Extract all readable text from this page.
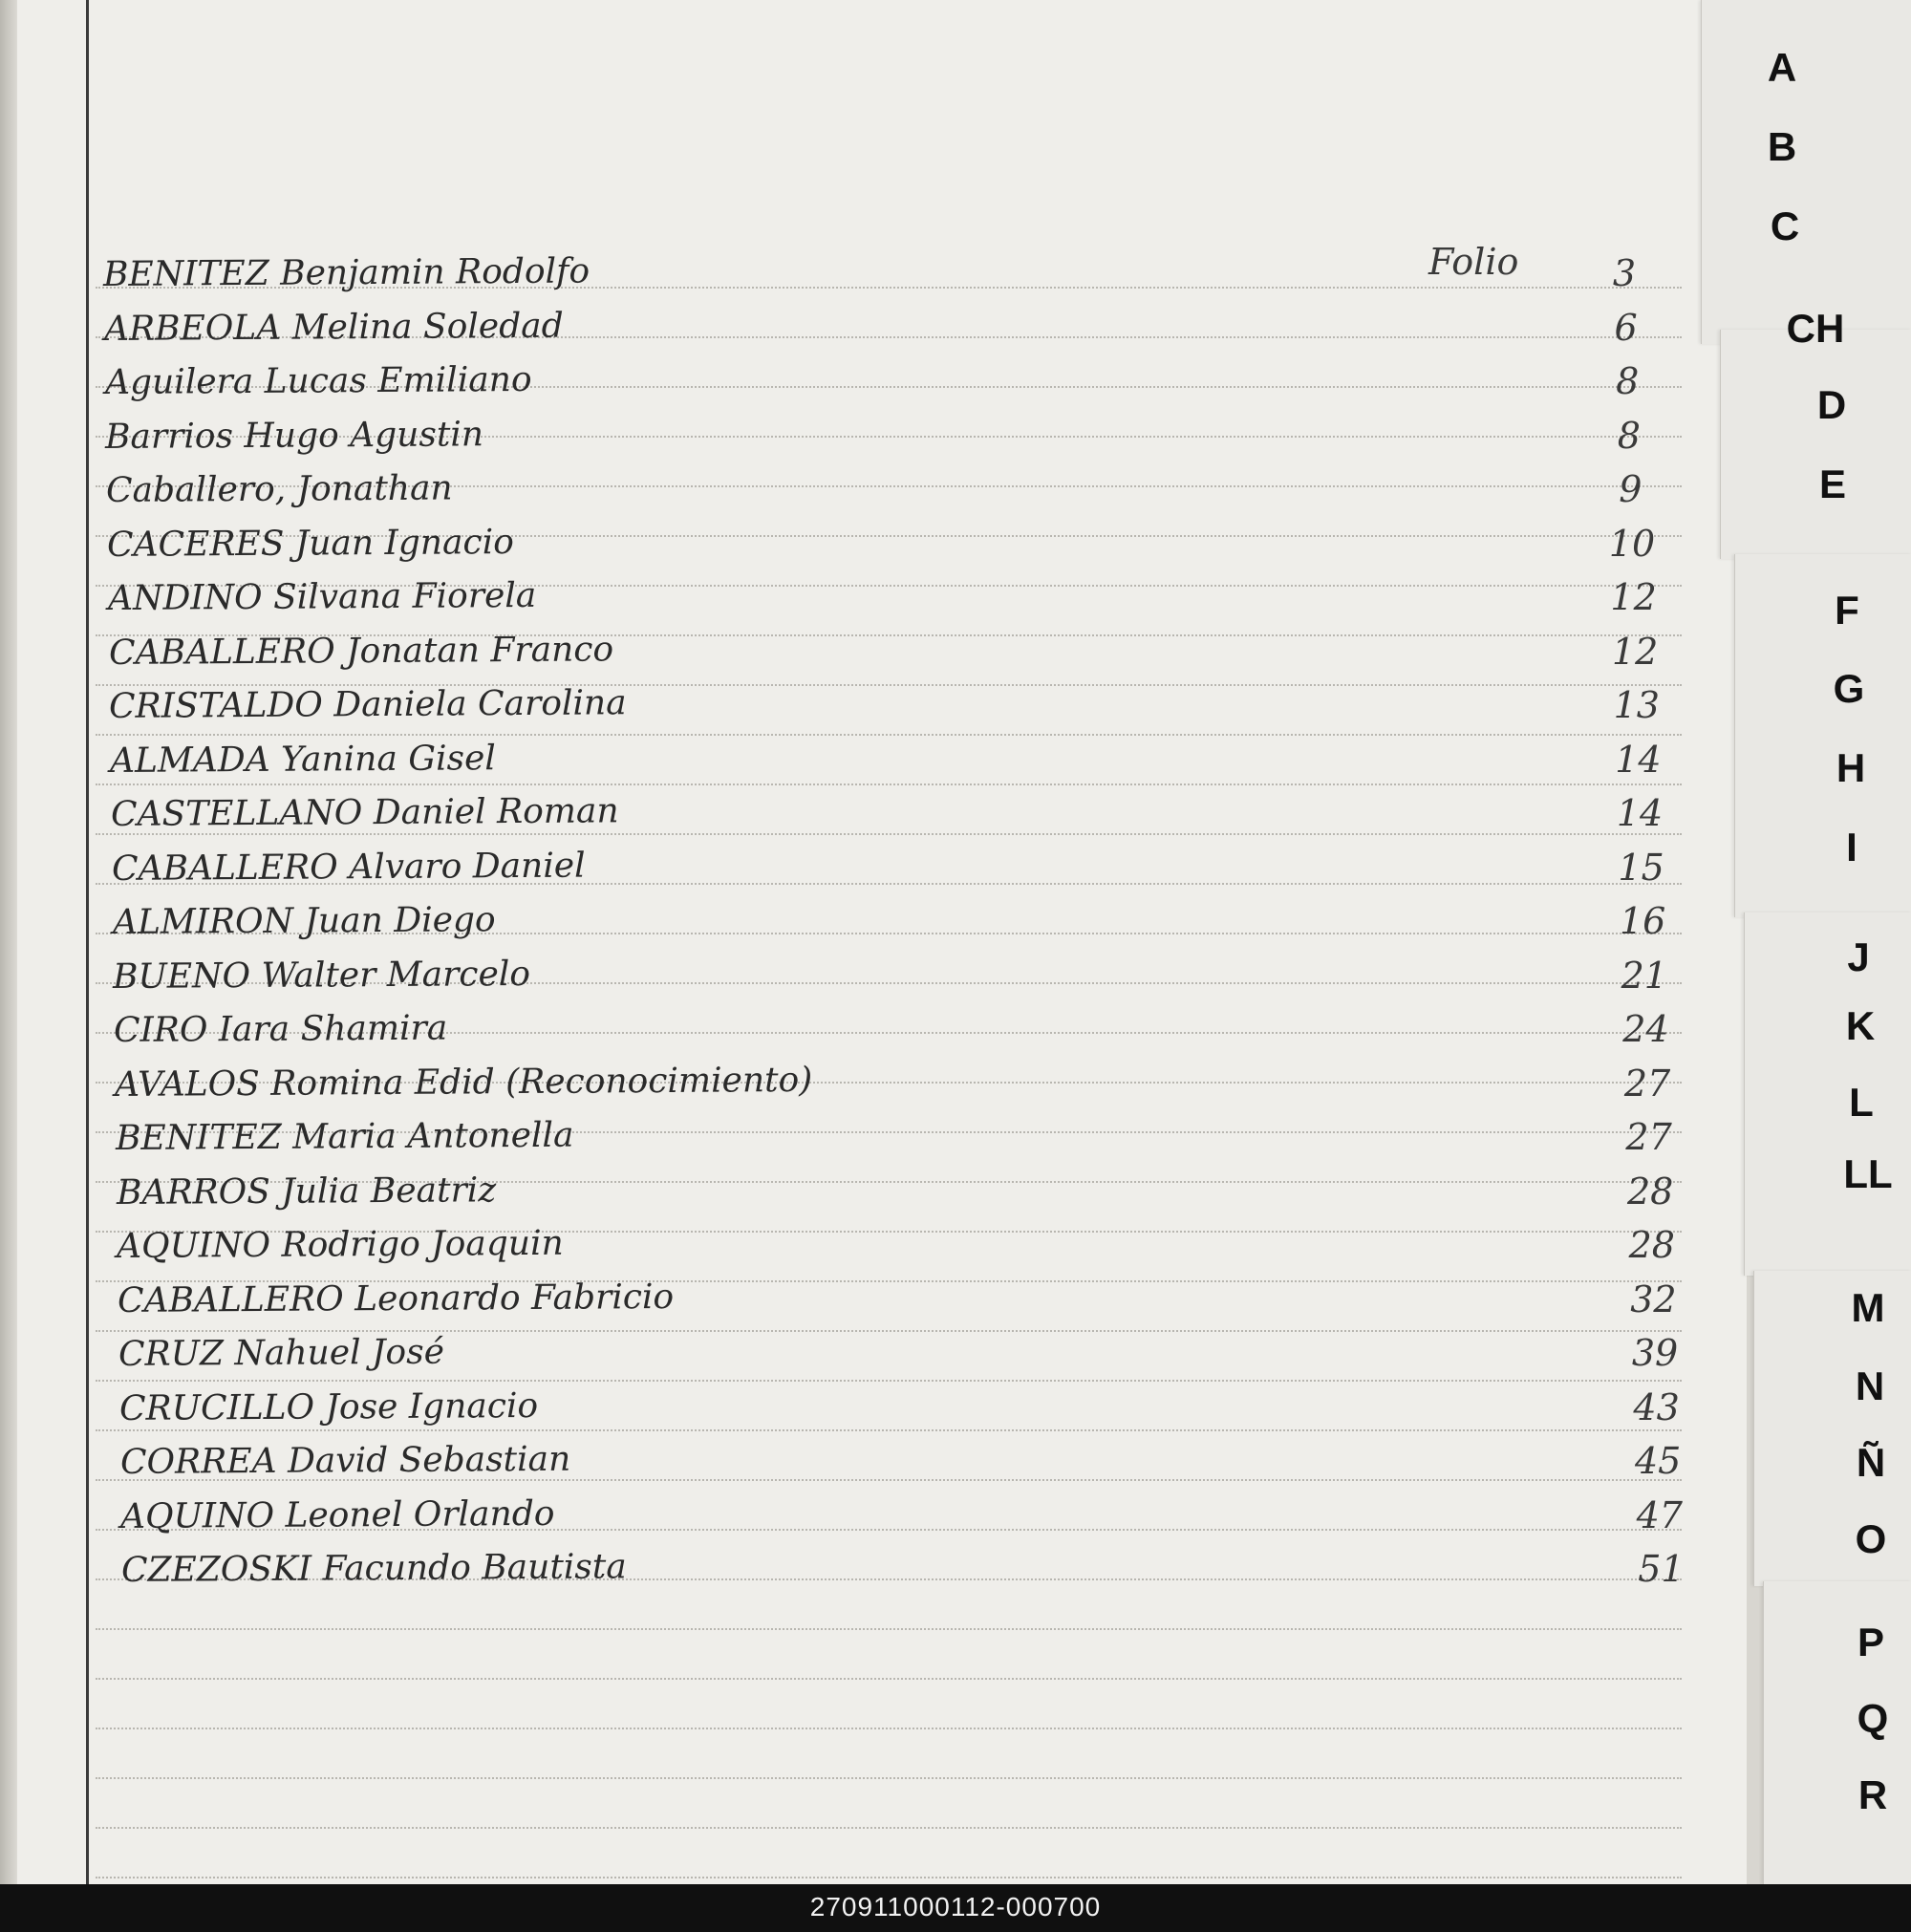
Folio
BENITEZ Benjamin Rodolfo	3
ARBEOLA Melina Soledad	6
Aguilera Lucas Emiliano	8
Barrios Hugo Agustin	8
Caballero, Jonathan	9
CACERES Juan Ignacio	10
ANDINO Silvana Fiorela	12
CABALLERO Jonatan Franco	12
CRISTALDO Daniela Carolina	13
ALMADA Yanina Gisel	14
CASTELLANO Daniel Roman	14
CABALLERO Alvaro Daniel	15
ALMIRON Juan Diego	16
BUENO Walter Marcelo	21
CIRO Iara Shamira	24
AVALOS Romina Edid (Reconocimiento)	27
BENITEZ Maria Antonella	27
BARROS Julia Beatriz	28
AQUINO Rodrigo Joaquin	28
CABALLERO Leonardo Fabricio	32
CRUZ Nahuel José	39
CRUCILLO Jose Ignacio	43
CORREA David Sebastian	45
AQUINO Leonel Orlando	47
CZEZOSKI Facundo Bautista	51
A
B
C
CH
D
E
F
G
H
I
J
K
L
LL
M
N
Ñ
O
P
Q
R
270911000112-000700
